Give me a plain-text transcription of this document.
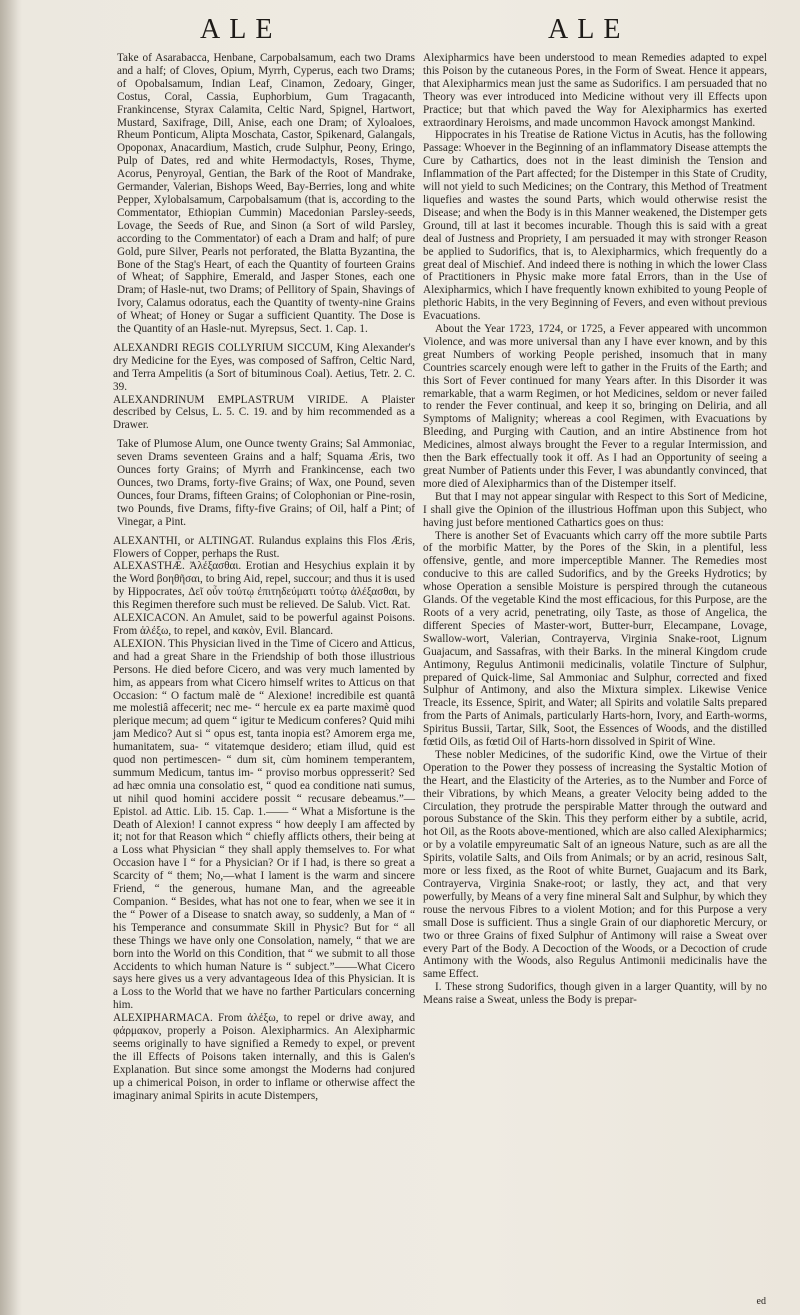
ALE	ALE

Take of Asarabacca, Henbane, Carpobalsamum, each two Drams and a half; of Cloves, Opium, Myrrh, Cyperus, each two Drams; of Opobalsamum, Indian Leaf, Cinamon, Zedoary, Ginger, Costus, Coral, Cassia, Euphorbium, Gum Tragacanth, Frankincense, Styrax Calamita, Celtic Nard, Spignel, Hartwort, Mustard, Saxifrage, Dill, Anise, each one Dram; of Xyloaloes, Rheum Ponticum, Alipta Moschata, Castor, Spikenard, Galangals, Opoponax, Anacardium, Mastich, crude Sulphur, Peony, Eringo, Pulp of Dates, red and white Hermodactyls, Roses, Thyme, Acorus, Penyroyal, Gentian, the Bark of the Root of Mandrake, Germander, Valerian, Bishops Weed, Bay-Berries, long and white Pepper, Xylobalsamum, Carpobalsamum (that is, according to the Commentator, Ethiopian Cummin) Macedonian Parsley-seeds, Lovage, the Seeds of Rue, and Sinon (a Sort of wild Parsley, according to the Commentator) of each a Dram and half; of pure Gold, pure Silver, Pearls not perforated, the Blatta Byzantina, the Bone of the Stag's Heart, of each the Quantity of fourteen Grains of Wheat; of Sapphire, Emerald, and Jasper Stones, each one Dram; of Hasle-nut, two Drams; of Pellitory of Spain, Shavings of Ivory, Calamus odoratus, each the Quantity of twenty-nine Grains of Wheat; of Honey or Sugar a sufficient Quantity. The Dose is the Quantity of an Hasle-nut. Myrepsus, Sect. 1. Cap. 1.

ALEXANDRI REGIS COLLYRIUM SICCUM, King Alexander's dry Medicine for the Eyes, was composed of Saffron, Celtic Nard, and Terra Ampelitis (a Sort of bituminous Coal). Aetius, Tetr. 2. C. 39.

ALEXANDRINUM EMPLASTRUM VIRIDE. A Plaister described by Celsus, L. 5. C. 19. and by him recommended as a Drawer.

Take of Plumose Alum, one Ounce twenty Grains; Sal Ammoniac, seven Drams seventeen Grains and a half; Squama Æris, two Ounces forty Grains; of Myrrh and Frankincense, each two Ounces, two Drams, forty-five Grains; of Wax, one Pound, seven Ounces, four Drams, fifteen Grains; of Colophonian or Pine-rosin, two Pounds, five Drams, fifty-five Grains; of Oil, half a Pint; of Vinegar, a Pint.

ALEXANTHI, or ALTINGAT. Rulandus explains this Flos Æris, Flowers of Copper, perhaps the Rust.

ALEXASTHÆ. Ἀλέξασθαι. Erotian and Hesychius explain it by the Word βοηθῆσαι, to bring Aid, repel, succour; and thus it is used by Hippocrates, Δεῖ οὖν τούτῳ ἐπιτηδεύματι τούτῳ ἀλέξασθαι, by this Regimen therefore such must be relieved. De Salub. Vict. Rat.

ALEXICACON. An Amulet, said to be powerful against Poisons. From ἀλέξω, to repel, and κακὸν, Evil. Blancard.

ALEXION. This Physician lived in the Time of Cicero and Atticus, and had a great Share in the Friendship of both those illustrious Persons. He died before Cicero, and was very much lamented by him, as appears from what Cicero himself writes to Atticus on that Occasion: “ O factum malè de “ Alexione! incredibile est quantâ me molestiâ affecerit; nec me- “ hercule ex ea parte maximè quod plerique mecum; ad quem “ igitur te Medicum conferes? Quid mihi jam Medico? Aut si “ opus est, tanta inopia est? Amorem erga me, humanitatem, sua- “ vitatemque desidero; etiam illud, quid est quod non pertimescen- “ dum sit, cùm hominem temperantem, summum Medicum, tantus im- “ proviso morbus oppresserit? Sed ad hæc omnia una consolatio est, “ quod ea conditione nati sumus, ut nihil quod homini accidere possit “ recusare debeamus.”—Epistol. ad Attic. Lib. 15. Cap. 1.—— “ What a Misfortune is the Death of Alexion! I cannot express “ how deeply I am affected by it; not for that Reason which “ chiefly afflicts others, their being at a Loss what Physician “ they shall apply themselves to. For what Occasion have I “ for a Physician? Or if I had, is there so great a Scarcity of “ them; No,—what I lament is the warm and sincere Friend, “ the generous, humane Man, and the agreeable Companion. “ Besides, what has not one to fear, when we see it in the “ Power of a Disease to snatch away, so suddenly, a Man of “ his Temperance and consummate Skill in Physic? But for “ all these Things we have only one Consolation, namely, “ that we are born into the World on this Condition, that “ we submit to all those Accidents to which human Nature is “ subject.”——What Cicero says here gives us a very advantageous Idea of this Physician. It is a Loss to the World that we have no farther Particulars concerning him.

ALEXIPHARMACA. From ἀλέξω, to repel or drive away, and φάρμακον, properly a Poison. Alexipharmics. An Alexipharmic seems originally to have signified a Remedy to expel, or prevent the ill Effects of Poisons taken internally, and this is Galen's Explanation. But since some amongst the Moderns had conjured up a chimerical Poison, in order to inflame or otherwise affect the imaginary animal Spirits in acute Distempers,

Alexipharmics have been understood to mean Remedies adapted to expel this Poison by the cutaneous Pores, in the Form of Sweat. Hence it appears, that Alexipharmics mean just the same as Sudorifics. I am persuaded that no Theory was ever introduced into Medicine without very ill Effects upon Practice; but that which paved the Way for Alexipharmics has exerted extraordinary Heroisms, and made uncommon Havock amongst Mankind.

Hippocrates in his Treatise de Ratione Victus in Acutis, has the following Passage: Whoever in the Beginning of an inflammatory Disease attempts the Cure by Cathartics, does not in the least diminish the Tension and Inflammation of the Part affected; for the Distemper in this State of Crudity, will not yield to such Medicines; on the Contrary, this Method of Treatment liquefies and wastes the sound Parts, which would otherwise resist the Disease; and when the Body is in this Manner weakened, the Distemper gets Ground, till at last it becomes incurable. Though this is said with a great deal of Justness and Propriety, I am persuaded it may with stronger Reason be applied to Sudorifics, that is, to Alexipharmics, which frequently do a great deal of Mischief. And indeed there is nothing in which the lower Class of Practitioners in Physic make more fatal Errors, than in the Use of Alexipharmics, which I have frequently known exhibited to young People of plethoric Habits, in the very Beginning of Fevers, and even without previous Evacuations.

About the Year 1723, 1724, or 1725, a Fever appeared with uncommon Violence, and was more universal than any I have ever known, and by this great Numbers of working People perished, insomuch that in many Countries scarcely enough were left to gather in the Fruits of the Earth; and this Sort of Fever continued for many Years after. In this Disorder it was remarkable, that a warm Regimen, or hot Medicines, seldom or never failed to render the Fever continual, and keep it so, bringing on Deliria, and all Symptoms of Malignity; whereas a cool Regimen, with Evacuations by Bleeding, and Purging with Caution, and an intire Abstinence from hot Medicines, almost always brought the Fever to a regular Intermission, and then the Bark effectually took it off. As I had an Opportunity of seeing a great Number of Patients under this Fever, I was abundantly convinced, that more died of Alexipharmics than of the Distemper itself.

But that I may not appear singular with Respect to this Sort of Medicine, I shall give the Opinion of the illustrious Hoffman upon this Subject, who having just before mentioned Cathartics goes on thus:

There is another Set of Evacuants which carry off the more subtile Parts of the morbific Matter, by the Pores of the Skin, in a plentiful, less offensive, gentle, and more imperceptible Manner. The Remedies most conducive to this are called Sudorifics, and by the Greeks Hydrotics; by whose Operation a sensible Moisture is perspired through the cutaneous Glands. Of the vegetable Kind the most efficacious, for this Purpose, are the Roots of a very acrid, penetrating, oily Taste, as those of Angelica, the different Species of Master-wort, Butter-burr, Elecampane, Lovage, Swallow-wort, Valerian, Contrayerva, Virginia Snake-root, Lignum Guajacum, and Sassafras, with their Barks. In the mineral Kingdom crude Antimony, Regulus Antimonii medicinalis, volatile Tincture of Sulphur, prepared of Quick-lime, Sal Ammoniac and Sulphur, corrected and fixed Sulphur of Antimony, and also the Mixtura simplex. Likewise Venice Treacle, its Essence, Spirit, and Water; all Spirits and volatile Salts prepared from the Parts of Animals, particularly Harts-horn, Ivory, and Earth-worms, Spiritus Bussii, Tartar, Silk, Soot, the Essences of Woods, and the distilled fœtid Oils, as fœtid Oil of Harts-horn dissolved in Spirit of Wine.

These nobler Medicines, of the sudorific Kind, owe the Virtue of their Operation to the Power they possess of increasing the Systaltic Motion of the Heart, and the Elasticity of the Arteries, as to the Number and Force of their Vibrations, by which Means, a greater Velocity being added to the Circulation, they protrude the perspirable Matter through the outward and porous Substance of the Skin. This they perform either by a subtile, acrid, hot Oil, as the Roots above-mentioned, which are also called Alexipharmics; or by a volatile empyreumatic Salt of an igneous Nature, such as are all the Spirits, volatile Salts, and Oils from Animals; or by an acrid, resinous Salt, more or less fixed, as the Root of white Burnet, Guajacum and its Bark, Contrayerva, Virginia Snake-root; or lastly, they act, and that very powerfully, by Means of a very fine mineral Salt and Sulphur, by which they rouse the nervous Fibres to a violent Motion; and for this Purpose a very small Dose is sufficient. Thus a single Grain of our diaphoretic Mercury, or two or three Grains of fixed Sulphur of Antimony will raise a Sweat over every Part of the Body. A Decoction of the Woods, or a Decoction of crude Antimony with the Woods, also Regulus Antimonii medicinalis have the same Effect.

I. These strong Sudorifics, though given in a larger Quantity, will by no Means raise a Sweat, unless the Body is prepar-

ed
